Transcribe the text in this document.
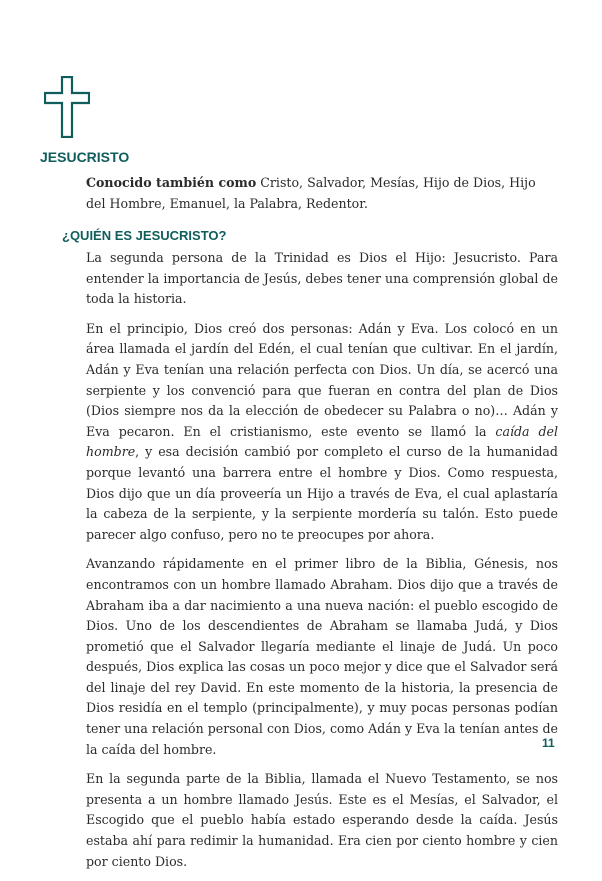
JESUCRISTO
Conocido también como Cristo, Salvador, Mesías, Hijo de Dios, Hijo del Hombre, Emanuel, la Palabra, Redentor.
¿QUIÉN ES JESUCRISTO?

La segunda persona de la Trinidad es Dios el Hijo: Jesucristo. Para entender la importancia de Jesús, debes tener una comprensión global de toda la historia.

En el principio, Dios creó dos personas: Adán y Eva. Los colocó en un área llamada el jardín del Edén, el cual tenían que cultivar. En el jardín, Adán y Eva tenían una relación perfecta con Dios. Un día, se acercó una serpiente y los convenció para que fueran en contra del plan de Dios (Dios siempre nos da la elección de obedecer su Palabra o no)… Adán y Eva pecaron. En el cristianismo, este evento se llamó la caída del hombre, y esa decisión cambió por completo el curso de la humanidad porque levantó una barrera entre el hombre y Dios. Como respuesta, Dios dijo que un día proveería un Hijo a través de Eva, el cual aplastaría la cabeza de la serpiente, y la serpiente mordería su talón. Esto puede parecer algo confuso, pero no te preocupes por ahora.

Avanzando rápidamente en el primer libro de la Biblia, Génesis, nos encontramos con un hombre llamado Abraham. Dios dijo que a través de Abraham iba a dar nacimiento a una nueva nación: el pueblo escogido de Dios. Uno de los descendientes de Abraham se llamaba Judá, y Dios prometió que el Salvador llegaría mediante el linaje de Judá. Un poco después, Dios explica las cosas un poco mejor y dice que el Salvador será del linaje del rey David. En este momento de la historia, la presencia de Dios residía en el templo (principalmente), y muy pocas personas podían tener una relación personal con Dios, como Adán y Eva la tenían antes de la caída del hombre.

En la segunda parte de la Biblia, llamada el Nuevo Testamento, se nos presenta a un hombre llamado Jesús. Este es el Mesías, el Salvador, el Escogido que el pueblo había estado esperando desde la caída. Jesús estaba ahí para redimir la humanidad. Era cien por ciento hombre y cien por ciento Dios.

11
